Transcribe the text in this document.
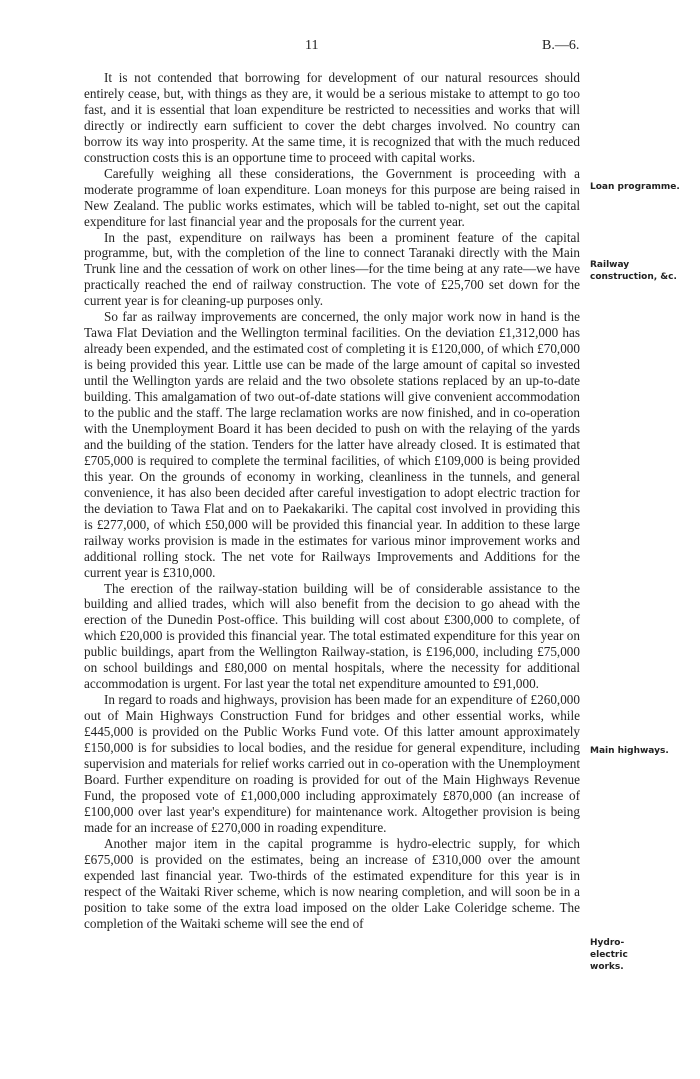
11	B.—6.

It is not contended that borrowing for development of our natural resources should entirely cease, but, with things as they are, it would be a serious mistake to attempt to go too fast, and it is essential that loan expenditure be restricted to necessities and works that will directly or indirectly earn sufficient to cover the debt charges involved. No country can borrow its way into prosperity. At the same time, it is recognized that with the much reduced construction costs this is an opportune time to proceed with capital works.

Carefully weighing all these considerations, the Government is proceeding with a moderate programme of loan expenditure. Loan moneys for this purpose are being raised in New Zealand. The public works estimates, which will be tabled to-night, set out the capital expenditure for last financial year and the proposals for the current year.

In the past, expenditure on railways has been a prominent feature of the capital programme, but, with the completion of the line to connect Taranaki directly with the Main Trunk line and the cessation of work on other lines—for the time being at any rate—we have practically reached the end of railway construction. The vote of £25,700 set down for the current year is for cleaning-up purposes only.

So far as railway improvements are concerned, the only major work now in hand is the Tawa Flat Deviation and the Wellington terminal facilities. On the deviation £1,312,000 has already been expended, and the estimated cost of completing it is £120,000, of which £70,000 is being provided this year. Little use can be made of the large amount of capital so invested until the Wellington yards are relaid and the two obsolete stations replaced by an up-to-date building. This amalgamation of two out-of-date stations will give convenient accommodation to the public and the staff. The large reclamation works are now finished, and in co-operation with the Unemployment Board it has been decided to push on with the relaying of the yards and the building of the station. Tenders for the latter have already closed. It is estimated that £705,000 is required to complete the terminal facilities, of which £109,000 is being provided this year. On the grounds of economy in working, cleanliness in the tunnels, and general convenience, it has also been decided after careful investigation to adopt electric traction for the deviation to Tawa Flat and on to Paekakariki. The capital cost involved in providing this is £277,000, of which £50,000 will be provided this financial year. In addition to these large railway works provision is made in the estimates for various minor improvement works and additional rolling stock. The net vote for Railways Improvements and Additions for the current year is £310,000.

The erection of the railway-station building will be of considerable assistance to the building and allied trades, which will also benefit from the decision to go ahead with the erection of the Dunedin Post-office. This building will cost about £300,000 to complete, of which £20,000 is provided this financial year. The total estimated expenditure for this year on public buildings, apart from the Wellington Railway-station, is £196,000, including £75,000 on school buildings and £80,000 on mental hospitals, where the necessity for additional accommodation is urgent. For last year the total net expenditure amounted to £91,000.

In regard to roads and highways, provision has been made for an expenditure of £260,000 out of Main Highways Construction Fund for bridges and other essential works, while £445,000 is provided on the Public Works Fund vote. Of this latter amount approximately £150,000 is for subsidies to local bodies, and the residue for general expenditure, including supervision and materials for relief works carried out in co-operation with the Unemployment Board. Further expenditure on roading is provided for out of the Main Highways Revenue Fund, the proposed vote of £1,000,000 including approximately £870,000 (an increase of £100,000 over last year's expenditure) for maintenance work. Altogether provision is being made for an increase of £270,000 in roading expenditure.

Another major item in the capital programme is hydro-electric supply, for which £675,000 is provided on the estimates, being an increase of £310,000 over the amount expended last financial year. Two-thirds of the estimated expenditure for this year is in respect of the Waitaki River scheme, which is now nearing completion, and will soon be in a position to take some of the extra load imposed on the older Lake Coleridge scheme. The completion of the Waitaki scheme will see the end of

Loan programme.
Railway construction, &c.
Main highways.
Hydro-electric works.
